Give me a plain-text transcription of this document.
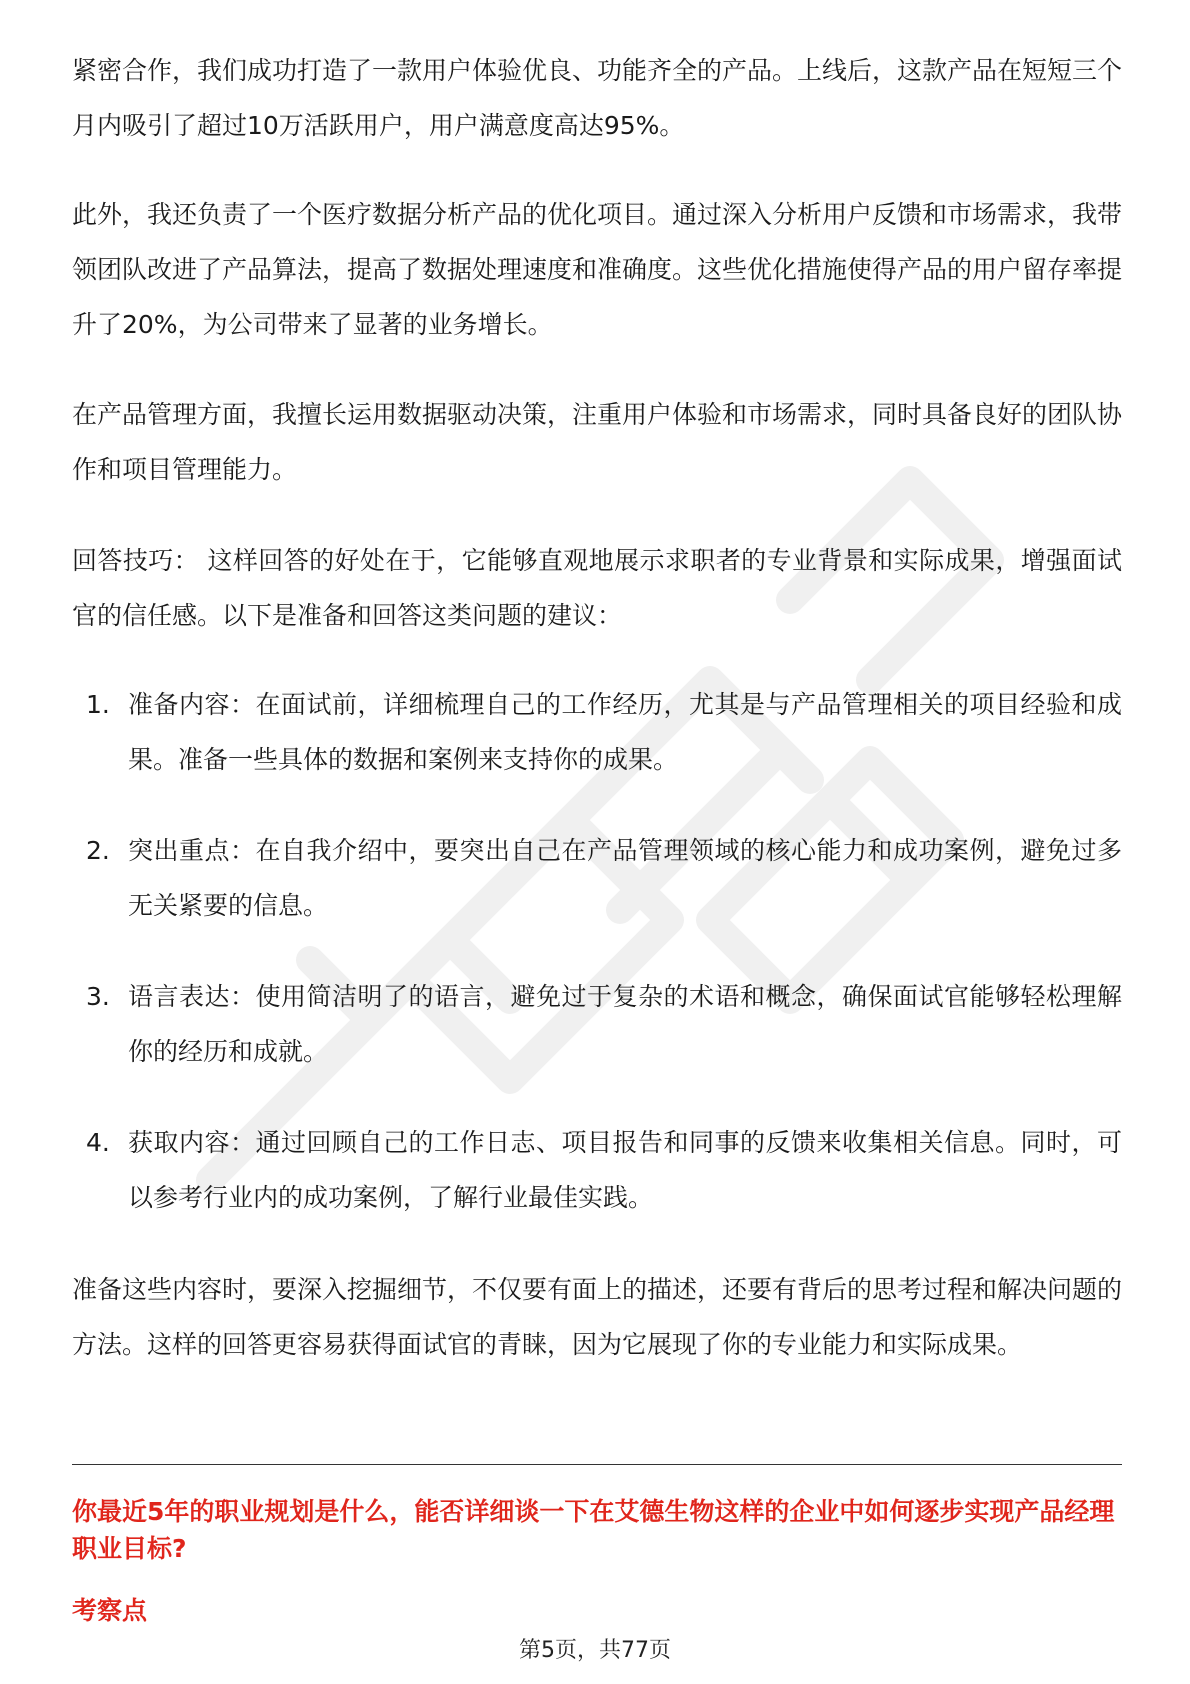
紧密合作，我们成功打造了一款用户体验优良、功能齐全的产品。上线后，这款产品在短短三个月内吸引了超过10万活跃用户，用户满意度高达95%。

此外，我还负责了一个医疗数据分析产品的优化项目。通过深入分析用户反馈和市场需求，我带领团队改进了产品算法，提高了数据处理速度和准确度。这些优化措施使得产品的用户留存率提升了20%，为公司带来了显著的业务增长。

在产品管理方面，我擅长运用数据驱动决策，注重用户体验和市场需求，同时具备良好的团队协作和项目管理能力。

回答技巧： 这样回答的好处在于，它能够直观地展示求职者的专业背景和实际成果，增强面试官的信任感。以下是准备和回答这类问题的建议：

1. 准备内容：在面试前，详细梳理自己的工作经历，尤其是与产品管理相关的项目经验和成果。准备一些具体的数据和案例来支持你的成果。
2. 突出重点：在自我介绍中，要突出自己在产品管理领域的核心能力和成功案例，避免过多无关紧要的信息。
3. 语言表达：使用简洁明了的语言，避免过于复杂的术语和概念，确保面试官能够轻松理解你的经历和成就。
4. 获取内容：通过回顾自己的工作日志、项目报告和同事的反馈来收集相关信息。同时，可以参考行业内的成功案例，了解行业最佳实践。

准备这些内容时，要深入挖掘细节，不仅要有面上的描述，还要有背后的思考过程和解决问题的方法。这样的回答更容易获得面试官的青睐，因为它展现了你的专业能力和实际成果。

你最近5年的职业规划是什么，能否详细谈一下在艾德生物这样的企业中如何逐步实现产品经理职业目标?

考察点

第5页，共77页
